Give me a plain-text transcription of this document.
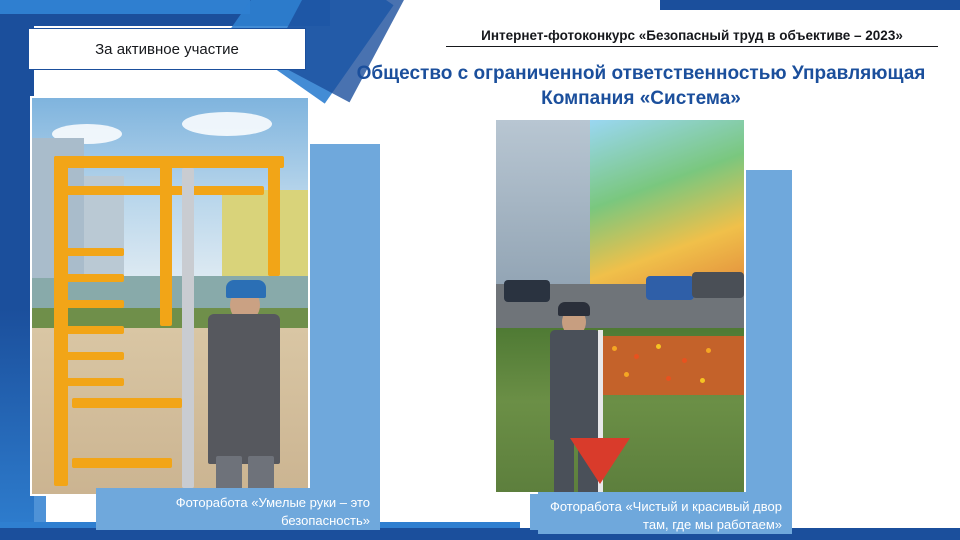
За активное участие
Интернет-фотоконкурс «Безопасный труд в объективе – 2023»
Общество с ограниченной ответственностью Управляющая Компания «Система»
Фотоработa «Умелые руки – это безопасность»
Фотоработa «Чистый и красивый двор там, где мы работаем»
